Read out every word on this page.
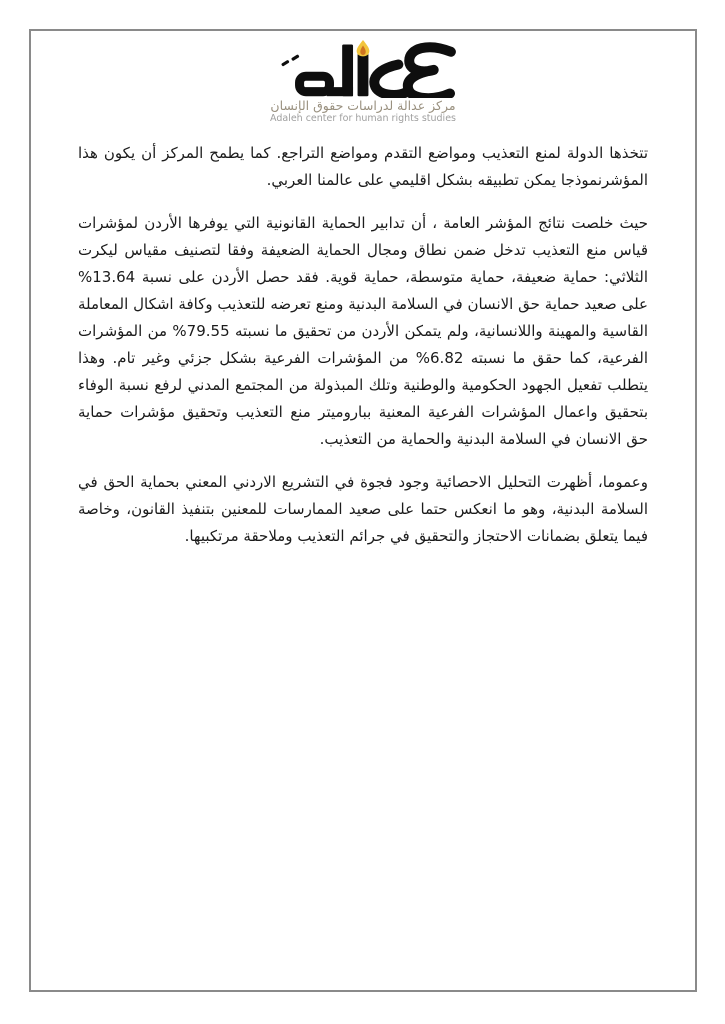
مركز عدالة لدراسات حقوق الإنسان
Adaleh center for human rights studies

تتخذها الدولة لمنع التعذيب ومواضع التقدم ومواضع التراجع. كما يطمح المركز أن يكون هذا المؤشرنموذجا يمكن تطبيقه بشكل اقليمي على عالمنا العربي.

حيث خلصت نتائج المؤشر العامة ، أن تدابير الحماية القانونية التي يوفرها الأردن لمؤشرات قياس منع التعذيب تدخل ضمن نطاق ومجال الحماية الضعيفة وفقا لتصنيف مقياس ليكرت الثلاثي: حماية ضعيفة، حماية متوسطة، حماية قوية. فقد حصل الأردن على نسبة 13.64% على صعيد حماية حق الانسان في السلامة البدنية ومنع تعرضه للتعذيب وكافة اشكال المعاملة القاسية والمهينة واللانسانية، ولم يتمكن الأردن من تحقيق ما نسبته 79.55% من المؤشرات الفرعية، كما حقق ما نسبته 6.82% من المؤشرات الفرعية بشكل جزئي وغير تام. وهذا يتطلب تفعيل الجهود الحكومية والوطنية وتلك المبذولة من المجتمع المدني لرفع نسبة الوفاء بتحقيق واعمال المؤشرات الفرعية المعنية بباروميتر منع التعذيب وتحقيق مؤشرات حماية حق الانسان في السلامة البدنية والحماية من التعذيب.

وعموما، أظهرت التحليل الاحصائية وجود فجوة في التشريع الاردني المعني بحماية الحق في السلامة البدنية، وهو ما انعكس حتما على صعيد الممارسات للمعنين بتنفيذ القانون، وخاصة فيما يتعلق بضمانات الاحتجاز والتحقيق في جرائم التعذيب وملاحقة مرتكبيها.
